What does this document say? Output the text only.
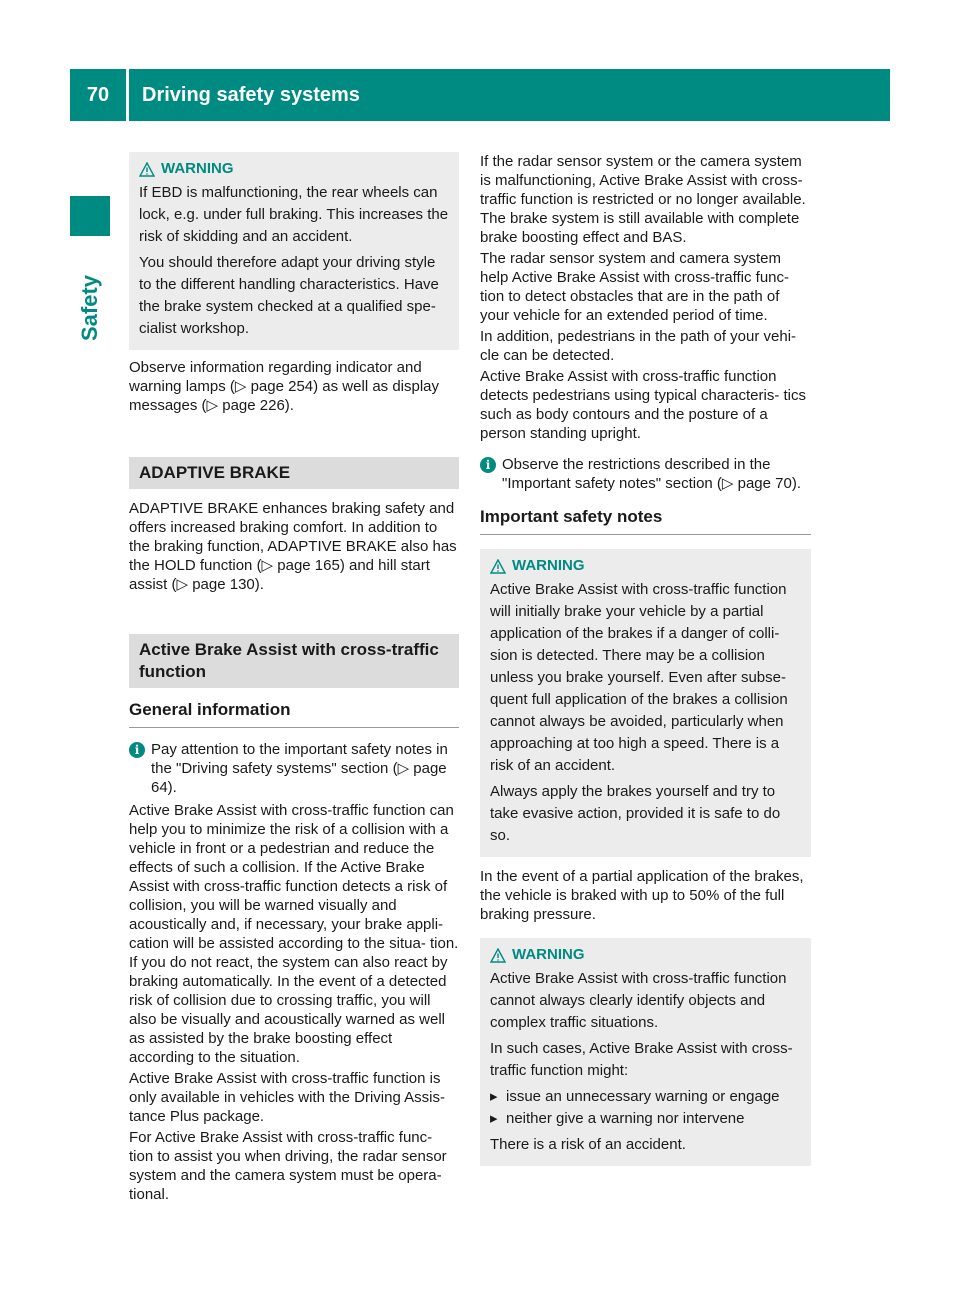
70	Driving safety systems
Safety
WARNING

If EBD is malfunctioning, the rear wheels can lock, e.g. under full braking. This increases the risk of skidding and an accident.

You should therefore adapt your driving style to the different handling characteristics. Have the brake system checked at a qualified spe- cialist workshop.

Observe information regarding indicator and warning lamps (▷ page 254) as well as display messages (▷ page 226).

ADAPTIVE BRAKE

ADAPTIVE BRAKE enhances braking safety and offers increased braking comfort. In addition to the braking function, ADAPTIVE BRAKE also has the HOLD function (▷ page 165) and hill start assist (▷ page 130).

Active Brake Assist with cross-traffic function
General information
i Pay attention to the important safety notes in the "Driving safety systems" section (▷ page 64).

Active Brake Assist with cross-traffic function can help you to minimize the risk of a collision with a vehicle in front or a pedestrian and reduce the effects of such a collision. If the Active Brake Assist with cross-traffic function detects a risk of collision, you will be warned visually and acoustically and, if necessary, your brake appli- cation will be assisted according to the situa- tion. If you do not react, the system can also react by braking automatically. In the event of a detected risk of collision due to crossing traffic, you will also be visually and acoustically warned as well as assisted by the brake boosting effect according to the situation.

Active Brake Assist with cross-traffic function is only available in vehicles with the Driving Assis- tance Plus package.

For Active Brake Assist with cross-traffic func- tion to assist you when driving, the radar sensor system and the camera system must be opera- tional.

If the radar sensor system or the camera system is malfunctioning, Active Brake Assist with cross-traffic function is restricted or no longer available. The brake system is still available with complete brake boosting effect and BAS.

The radar sensor system and camera system help Active Brake Assist with cross-traffic func- tion to detect obstacles that are in the path of your vehicle for an extended period of time.

In addition, pedestrians in the path of your vehi- cle can be detected.

Active Brake Assist with cross-traffic function detects pedestrians using typical characteris- tics such as body contours and the posture of a person standing upright.

i Observe the restrictions described in the "Important safety notes" section (▷ page 70).

Important safety notes
WARNING

Active Brake Assist with cross-traffic function will initially brake your vehicle by a partial application of the brakes if a danger of colli- sion is detected. There may be a collision unless you brake yourself. Even after subse- quent full application of the brakes a collision cannot always be avoided, particularly when approaching at too high a speed. There is a risk of an accident.

Always apply the brakes yourself and try to take evasive action, provided it is safe to do so.

In the event of a partial application of the brakes, the vehicle is braked with up to 50% of the full braking pressure.

WARNING

Active Brake Assist with cross-traffic function cannot always clearly identify objects and complex traffic situations.

In such cases, Active Brake Assist with cross- traffic function might:

▸ issue an unnecessary warning or engage
▸ neither give a warning nor intervene

There is a risk of an accident.
